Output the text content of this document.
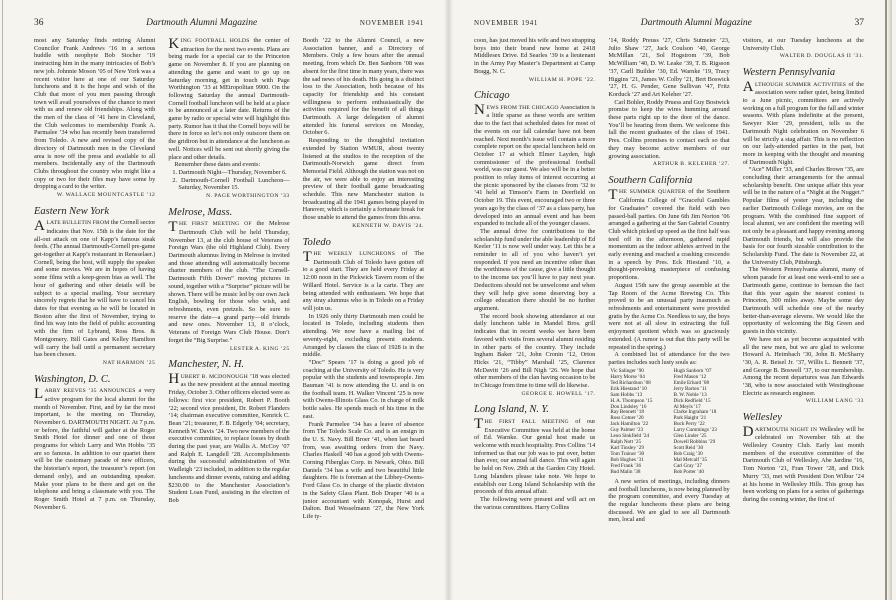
36	Dartmouth Alumni Magazine	NOVEMBER 1941

most any Saturday finds retiring Alumni Councilor Frank Andrews ’16 in a serious huddle with neophyte Bob Stocher ’19 instructing him in the many intricacies of Bob’s new job. Johnnie Moson ’05 of New York was a recent visitor here at one of our Saturday luncheons and it is the hope and wish of the Club that more of you men passing through town will avail yourselves of the chance to meet with us and renew old friendships. Along with the men of the class of ’41 here in Cleveland, the Club welcomes to membership Frank A. Parmalee ’34 who has recently been transferred from Toledo. A new and revised copy of the directory of Dartmouth men in the Cleveland area is now off the press and available to all members. Incidentally any of the Dartmouth Clubs throughout the country who might like a copy or two for their files may have some by dropping a card to the writer.

W. WALLACE MOUNTCASTLE ’12

Eastern New York

A LATE BULLETIN FROM the Cornell sector indicates that Nov. 15th is the date for the all-out attack on one of Kapp’s famous steak feeds. (The annual Dartmouth-Cornell pre-game get-together at Kapp’s restaurant in Rensselaer.) Cornell, being the host, will supply the speaker and some movies. We are in hopes of having some films with a keep-green bias as well. The hour of gathering and other details will be subject to a special mailing. Your secretary sincerely regrets that he will have to cancel his dates for that evening as he will be located in Boston after the first of November, trying to find his way into the field of public accounting with the firm of Lybrand, Ross Bros. & Montgomery. Bill Gates and Kelley Hamilton will carry the ball until a permanent secretary has been chosen.

NAT HARMON ’25

Washington, D. C.

LARRY REEVES ’35 ANNOUNCES a very active program for the local alumni for the month of November. First, and by far the most important, is the meeting on Thursday, November 6. DARTMOUTH NIGHT. At 7 p.m. or before, the faithful will gather at the Roger Smith Hotel for dinner and one of those programs for which Larry and Win Hobbs ’35 are so famous. In addition to our quartet there will be the customary parade of new officers, the historian’s report, the treasurer’s report (on demand only), and an outstanding speaker. Make your plans to be there and get on the telephone and bring a classmate with you. The Roger Smith Hotel at 7 p.m. on Thursday, November 6.

KING FOOTBALL HOLDS the center of attraction for the next two events. Plans are being made for a special car to the Princeton game on November 8. If you are planning on attending the game and want to go up on Saturday morning, get in touch with Page Worthington ’33 at MEtropolitan 9900. On the following Saturday the annual Dartmouth-Cornell football luncheon will be held at a place to be announced at a later date. Returns of the game by radio or special wire will highlight this party. Rumor has it that the Cornell boys will be there in force so let’s not only outscore them on the gridiron but in attendance at the luncheon as well. Notices will be sent out shortly giving the place and other details.

Remember these dates and events:

1. Dartmouth Night—Thursday, November 6.

2. Dartmouth-Cornell Football Luncheon—Saturday, November 15.

N. PAGE WORTHINGTON ’33

Melrose, Mass.

THE FIRST MEETING OF the Melrose Dartmouth Club will be held Thursday, November 13, at the club house of Veterans of Foreign Wars (the old Highland Club). Every Dartmouth alumnus living in Melrose is invited and those attending will automatically become charter members of the club. “The Cornell-Dartmouth Fifth Down” moving pictures in sound, together with a “Surprise” picture will be shown. There will be music led by our own Jack English, bowling for those who wish, and refreshments, even pretzels. So be sure to reserve the date—a grand party—old friends and new ones. November 13, 8 o’clock, Veterans of Foreign Wars Club House. Don’t forget the “Big Surprise.”

LESTER A. KING ’25

Manchester, N. H.

HUBERT B. MCDONOUGH ’18 was elected as the new president at the annual meeting Friday, October 3. Other officers elected were as follows: first vice president, Robert P. Booth ’22; second vice president, Dr. Robert Flanders ’14; chairman executive committee, Kenrick C. Bean ’21; treasurer, F. B. Edgerly ’04; secretary, Kenneth W. Davis ’24. Two new members of the executive committee, to replace losses by death during the past year, are Wallis A. McCoy ’07 and Ralph E. Langdell ’28. Accomplishments during the successful administration of Win Wadleigh ’23 included, in addition to the regular luncheons and dinner events, raising and adding $230.00 to the Manchester Association’s Student Loan Fund, assisting in the election of Bob

Booth ’22 to the Alumni Council, a new Association banner, and a Directory of Members. Only a few hours after the annual meeting, from which Dr. Ben Sanborn ’08 was absent for the first time in many years, there was the sad news of his death. His going is a distinct loss to the Association, both because of his capacity for friendship and his constant willingness to perform enthusiastically the activities required for the benefit of all things Dartmouth. A large delegation of alumni attended his funeral services on Monday, October 6.

Responding to the thoughtful invitation extended by Station WMUR, about twenty listened at the studios to the reception of the Dartmouth-Norwich game direct from Memorial Field. Although the station was not on the air, we were able to enjoy an interesting preview of their football game broadcasting schedule. This new Manchester station is broadcasting all the 1941 games being played in Hanover, which is certainly a fortunate break for those unable to attend the games from this area.

KENNETH W. DAVIS ’24.

Toledo

THE WEEKLY LUNCHEONS of The Dartmouth Club of Toledo have gotten off to a good start. They are held every Friday at 12:00 noon in the Pickwick Tavern room of the Willard Hotel. Service is a la carte. They are being attended with enthusiasm. We hope that any stray alumnus who is in Toledo on a Friday will join us.

In 1926 only thirty Dartmouth men could be located in Toledo, including students then attending. We now have a mailing list of seventy-eight, excluding present students. Arranged by classes the class of 1928 is in the middle.

“Doc” Spears ’17 is doing a good job of coaching at the University of Toledo. He is very popular with the students and townspeople. Jim Bauman ’41 is now attending the U. and is on the football team. H. Walker Vincent ’25 is now with Owens-Illinois Glass Co. in charge of milk bottle sales. He spends much of his time in the east.

Frank Parmelee ’34 has a leave of absence from The Toledo Scale Co. and is an ensign in the U. S. Navy. Bill Broer ’41, when last heard from, was awaiting orders from the Navy. Charles Haskell ’40 has a good job with Owens-Corning Fiberglas Corp. in Newark, Ohio. Bill Daniels ’34 has a wife and two beautiful little daughters. He is foreman at the Libbey-Owens-Ford Glass Co. in charge of the plastic division in the Safety Glass Plant. Bob Draper ’40 is a junior accountant with Konopak, Hurst and Dalton. Bud Wesselmann ’27, the New York Life ty-

NOVEMBER 1941	Dartmouth Alumni Magazine	37

coon, has just moved his wife and two strapping boys into their brand new home at 2418 Middlesex Drive. Ed Searles ’39 is a lieutenant in the Army Pay Master’s Department at Camp Bragg, N. C.

WILLIAM H. POPE ’22.

Chicago

NEWS FROM THE CHICAGO Association is a little sparse as these words are written due to the fact that scheduled dates for most of the events on our fall calendar have not been reached. Next month’s issue will contain a more complete report on the special luncheon held on October 17 at which Elmer Layden, high commissioner of the professional football world, was our guest. We also will be in a better position to relay items of interest occurring at the picnic sponsored by the classes from ’32 to ’41 held at Timson’s Farm in Deerfield on October 19. This event, encouraged two or three years ago by the class of ’37 as a class party, has developed into an annual event and has been expanded to include all of the younger classes.

The annual drive for contributions to the scholarship fund under the able leadership of Ed Keeler ’11 is now well under way. Let this be a reminder to all of you who haven’t yet responded. If you need an incentive other than the worthiness of the cause, give a little thought to the income tax you’ll have to pay next year. Deductions should not be unwelcome and when they will help give some deserving boy a college education there should be no further argument.

The record book showing attendance at our daily luncheon table in Mandel Bros. grill indicates that in recent weeks we have been favored with visits from several alumni residing in other parts of the country. They include Ingham Baker ’21, John Cronin ’12, Orton Hicks ’21, “Tibby” Marshall ’25, Clarence McDavitt ’26 and Bill Nigh ’26. We hope that other members of the clan having occasion to be in Chicago from time to time will do likewise.

GEORGE E. HOWELL ’17.

Long Island, N. Y.

THE FIRST FALL MEETING of our Executive Committee was held at the home of Ed. Warnke. Our genial host made us welcome with much hospitality. Pres Collins ’14 informed us that our job was to put over, better than ever, our annual fall dance. This will again be held on Nov. 29th at the Garden City Hotel. Long Islanders please take note. We hope to establish our Long Island Scholarship with the proceeds of this annual affair.

The following were present and will act on the various committees. Harry Collins

’14, Roddy Preuss ’27, Chris Sutmeier ’23, Julio Shaw ’27, Jack Coulson ’40, George McMillan ’21, Sol Hogstrom ’39, Bob McWilliam ’40, D. W. Leake ’39, T. B. Rigsson ’37, Carll Builder ’30, Ed. Warnke ’19, Tracy Higgins ’21, James W. Colby ’21, Bert Boswick ’27, H. G. Pender, Gene Sullivan ’47, Fritz Korduck ’27 and Art Keleher ’27.

Carl Bohler, Roddy Pruess and Guy Bostwick promise to keep the wires humming around these parts right up to the door of the dance. You’ll be hearing from them. We welcome this fall the recent graduates of the class of 1941. Pres. Collins promises to contact each so that they may become active members of our growing association.

ARTHUR B. KELEHER ’27.

Southern California

THE SUMMER QUARTER of the Southern California College of “Graceful Gambles for Graduates” covered the field with two passed-ball parties. On June 6th Jim Norton ’06 arranged a gathering at the San Gabriel Country Club which picked up speed as the first half was teed off in the afternoon, gathered rapid momentum as the indoor athletes arrived in the early evening and reached a crashing crescendo in a speech by Pres. Eck Hiestand ’10, a thought-provoking masterpiece of confusing proportions.

August 15th saw the group assemble at the Tap Room of the Acme Brewing Co. This proved to be an unusual party inasmuch as refreshments and entertainment were provided gratis by the Acme Co. Needless to say, the boys were not at all slow in extracting the full enjoyment quotient which was so graciously extended. (A rumor is out that this party will be repeated in the spring.)

A combined list of attendance for the two parties includes such lusty souls as:

Vic Salinger ’90	Hugh Sanborn ’07
Harry Morse ’04	Fred Mason ’12
Ted Richardson ’08	Emile Erhard ’08
Erik Hiestand ’10	Jerry Barton ’11
Sam Hobbs ’13	B. W. Noble ’13
H. A. Thompson ’15	Dick Redfield ’15
Don Lindsley ’16	Al Meyls ’17
Ray Bennett ’18	Clarke Ingraham ’18
Ross Cotner ’20	Park Haight ’21
Jack Hamilton ’22	Buck Perry ’22
Guy Palmer ’23	Larry Cummings ’23
Leon Sinkfield ’24	Glen Linder ’25
Ralph Nott ’25	Dowell Robbins ’29
Karl Tinsley ’29	Scott Reid ’30
Tom Trainor ’30	Bob Craig ’30
Bob Hughes ’31	Mal Metcalf ’35
Fred Frank ’36	Carl Gray ’37
Bud Malin ’38	Bob Porter ’40

A new series of meetings, including dinners and football luncheons, is now being planned by the program committee, and every Tuesday at the regular luncheons these plans are being discussed. We are glad to see all Dartmouth men, local and

visitors, at our Tuesday luncheons at the University Club.

WALTER D. DOUGLAS II ’31.

Western Pennsylvania

ALTHOUGH SUMMER ACTIVITIES of the association were rather quiet, being limited to a June picnic, committees are actively working on a full program for the fall and winter seasons. With plans indefinite at the present, Sawyer Kier ’29, president, tells us the Dartmouth Night celebration on November 6 will be strictly a stag affair. This is no reflection on our lady-attended parties in the past, but more in keeping with the thought and meaning of Dartmouth Night.

“Ace” Miller ’33, and Charles Brown ’35, are concluding their arrangements for the annual scholarship benefit. One unique affair this year will be in the nature of a “Night at the Nugget.” Popular films of yester year, including the earlier Dartmouth College movies, are on the program. With the combined fine support of local alumni, we are confident the meeting will not only be a pleasant and happy evening among Dartmouth friends, but will also provide the basis for our fourth sizeable contribution to the Scholarship Fund. The date is November 22, at the University Club, Pittsburgh.

The Western Pennsylvania alumni, many of whom parade for at least one week-end to see a Dartmouth game, continue to bemoan the fact that this year again the nearest contest is Princeton, 300 miles away. Maybe some day Dartmouth will schedule one of the nearby better-than-average elevens. We would like the opportunity of welcoming the Big Green and guests in this vicinity.

We have not as yet become acquainted with all the new men, but we are glad to welcome Howard A. Heimbach ’30, John B. McSharry ’30, A. R. Beisel Jr. ’37, Willis L. Bennett ’37, and George B. Boswell ’37, to our membership. Among the recent departures was Jan Edwards ’38, who is now associated with Westinghouse Electric as research engineer.

WILLIAM LANG ’33

Wellesley

DARTMOUTH NIGHT IN Wellesley will be celebrated on November 6th at the Wellesley Country Club. Early last month members of the executive committee of the Dartmouth Club of Wellesley, Abe Jardine ’16, Tom Norton ’21, Fran Tower ’28, and Dick Murry ’33, met with President Don Wilbur ’24 at his home in Wellesley Hills. This group has been working on plans for a series of gatherings during the coming winter, the first of
